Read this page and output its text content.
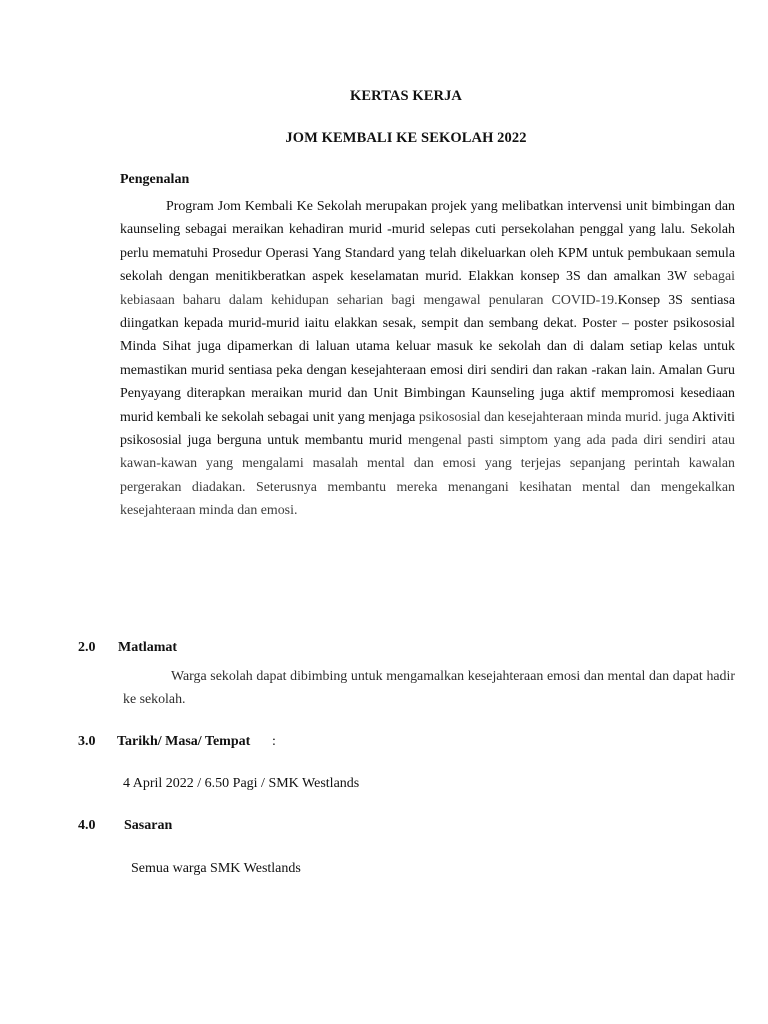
KERTAS KERJA
JOM KEMBALI KE SEKOLAH 2022
Pengenalan

Program Jom Kembali Ke Sekolah merupakan projek yang melibatkan intervensi unit bimbingan dan kaunseling sebagai meraikan kehadiran murid -murid selepas cuti persekolahan penggal yang lalu. Sekolah perlu mematuhi Prosedur Operasi Yang Standard yang telah dikeluarkan oleh KPM untuk pembukaan semula sekolah dengan menitikberatkan aspek keselamatan murid. Elakkan konsep 3S dan amalkan 3W sebagai kebiasaan baharu dalam kehidupan seharian bagi mengawal penularan COVID-19.Konsep 3S sentiasa diingatkan kepada murid-murid iaitu elakkan sesak, sempit dan sembang dekat. Poster – poster psikososial Minda Sihat juga dipamerkan di laluan utama keluar masuk ke sekolah dan di dalam setiap kelas untuk memastikan murid sentiasa peka dengan kesejahteraan emosi diri sendiri dan rakan -rakan lain. Amalan Guru Penyayang diterapkan meraikan murid dan Unit Bimbingan Kaunseling juga aktif mempromosi kesediaan murid kembali ke sekolah sebagai unit yang menjaga psikososial dan kesejahteraan minda murid. juga Aktiviti psikososial juga berguna untuk membantu murid mengenal pasti simptom yang ada pada diri sendiri atau kawan-kawan yang mengalami masalah mental dan emosi yang terjejas sepanjang perintah kawalan pergerakan diadakan. Seterusnya membantu mereka menangani kesihatan mental dan mengekalkan kesejahteraan minda dan emosi.

2.0 Matlamat

Warga sekolah dapat dibimbing untuk mengamalkan kesejahteraan emosi dan mental dan dapat hadir ke sekolah.

3.0 Tarikh/ Masa/ Tempat :
4 April 2022 / 6.50 Pagi / SMK Westlands
4.0 Sasaran
Semua warga SMK Westlands
